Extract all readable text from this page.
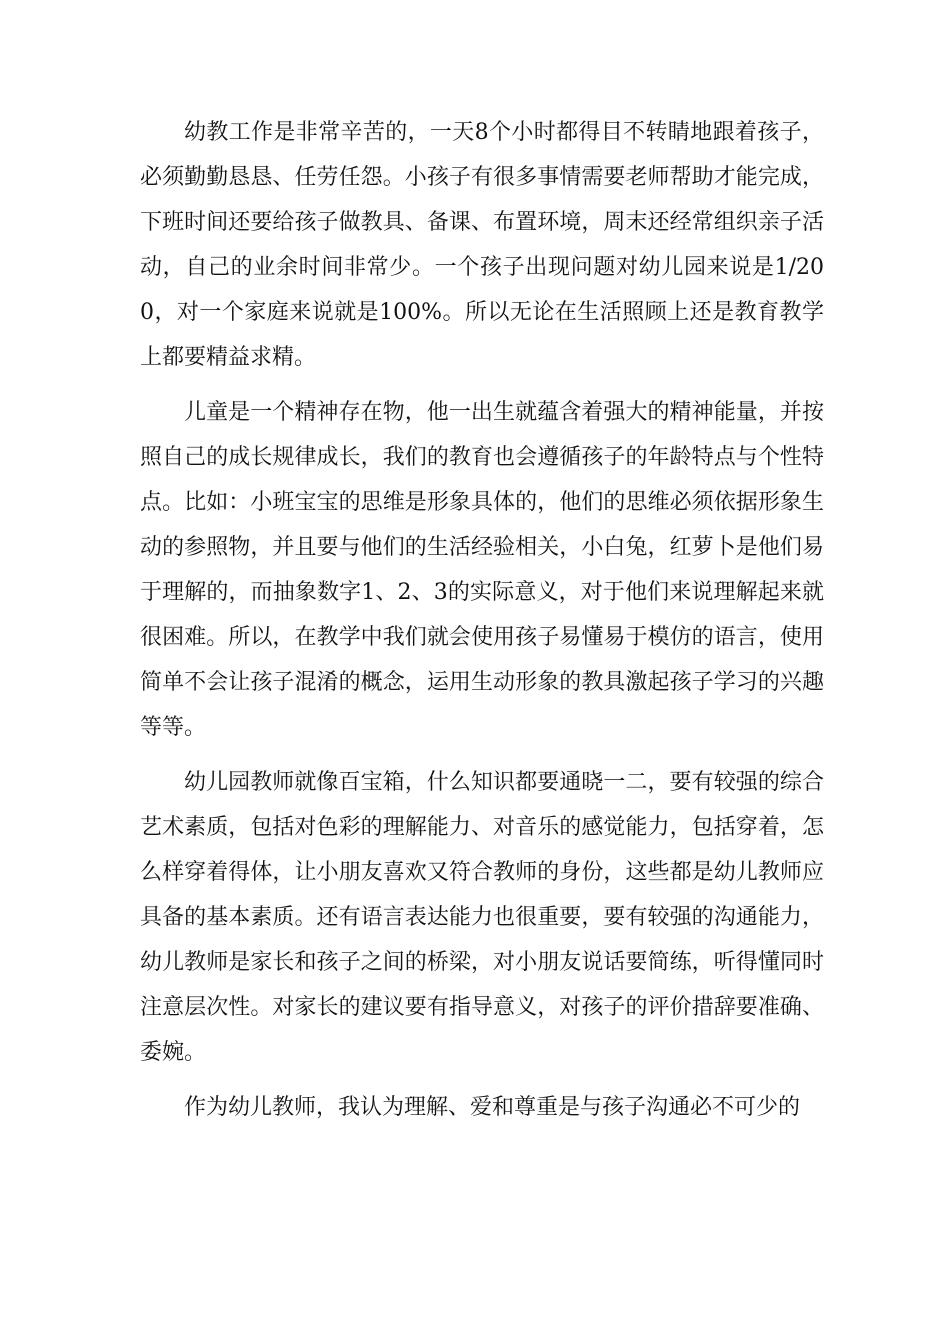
幼教工作是非常辛苦的，一天8个小时都得目不转睛地跟着孩子，必须勤勤恳恳、任劳任怨。小孩子有很多事情需要老师帮助才能完成，下班时间还要给孩子做教具、备课、布置环境，周末还经常组织亲子活动，自己的业余时间非常少。一个孩子出现问题对幼儿园来说是1/200，对一个家庭来说就是100%。所以无论在生活照顾上还是教育教学上都要精益求精。

儿童是一个精神存在物，他一出生就蕴含着强大的精神能量，并按照自己的成长规律成长，我们的教育也会遵循孩子的年龄特点与个性特点。比如：小班宝宝的思维是形象具体的，他们的思维必须依据形象生动的参照物，并且要与他们的生活经验相关，小白兔，红萝卜是他们易于理解的，而抽象数字1、2、3的实际意义，对于他们来说理解起来就很困难。所以，在教学中我们就会使用孩子易懂易于模仿的语言，使用简单不会让孩子混淆的概念，运用生动形象的教具激起孩子学习的兴趣等等。

幼儿园教师就像百宝箱，什么知识都要通晓一二，要有较强的综合艺术素质，包括对色彩的理解能力、对音乐的感觉能力，包括穿着，怎么样穿着得体，让小朋友喜欢又符合教师的身份，这些都是幼儿教师应具备的基本素质。还有语言表达能力也很重要，要有较强的沟通能力，幼儿教师是家长和孩子之间的桥梁，对小朋友说话要简练，听得懂同时注意层次性。对家长的建议要有指导意义，对孩子的评价措辞要准确、委婉。

作为幼儿教师，我认为理解、爱和尊重是与孩子沟通必不可少的
